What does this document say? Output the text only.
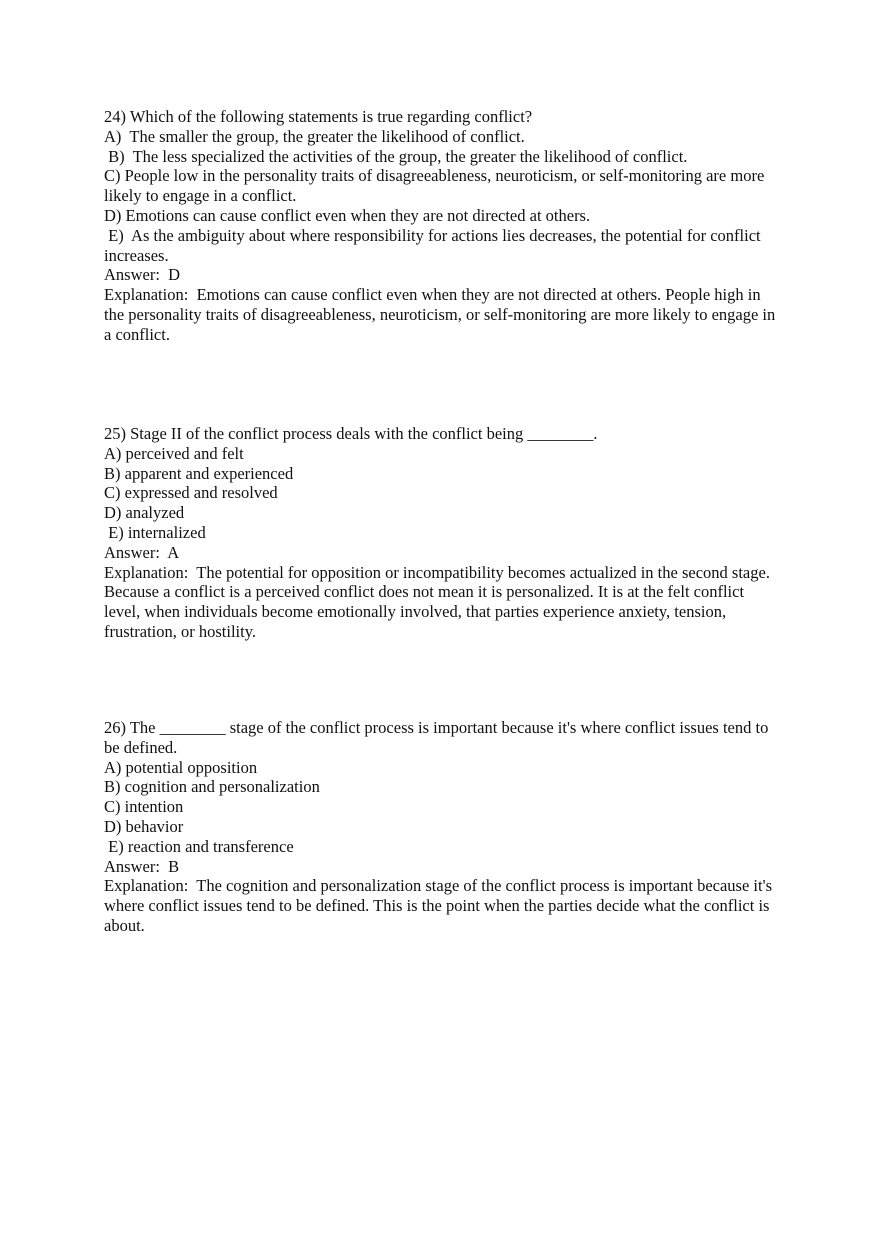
24) Which of the following statements is true regarding conflict?
A)  The smaller the group, the greater the likelihood of conflict.
B)  The less specialized the activities of the group, the greater the likelihood of conflict.
C) People low in the personality traits of disagreeableness, neuroticism, or self-monitoring are more likely to engage in a conflict.
D) Emotions can cause conflict even when they are not directed at others.
E)  As the ambiguity about where responsibility for actions lies decreases, the potential for conflict increases.
Answer:  D
Explanation:  Emotions can cause conflict even when they are not directed at others. People high in the personality traits of disagreeableness, neuroticism, or self-monitoring are more likely to engage in a conflict.
25) Stage II of the conflict process deals with the conflict being ________.
A) perceived and felt
B) apparent and experienced
C) expressed and resolved
D) analyzed
E) internalized
Answer:  A
Explanation:  The potential for opposition or incompatibility becomes actualized in the second stage. Because a conflict is a perceived conflict does not mean it is personalized. It is at the felt conflict level, when individuals become emotionally involved, that parties experience anxiety, tension, frustration, or hostility.
26) The ________ stage of the conflict process is important because it's where conflict issues tend to be defined.
A) potential opposition
B) cognition and personalization
C) intention
D) behavior
E) reaction and transference
Answer:  B
Explanation:  The cognition and personalization stage of the conflict process is important because it's where conflict issues tend to be defined. This is the point when the parties decide what the conflict is about.
